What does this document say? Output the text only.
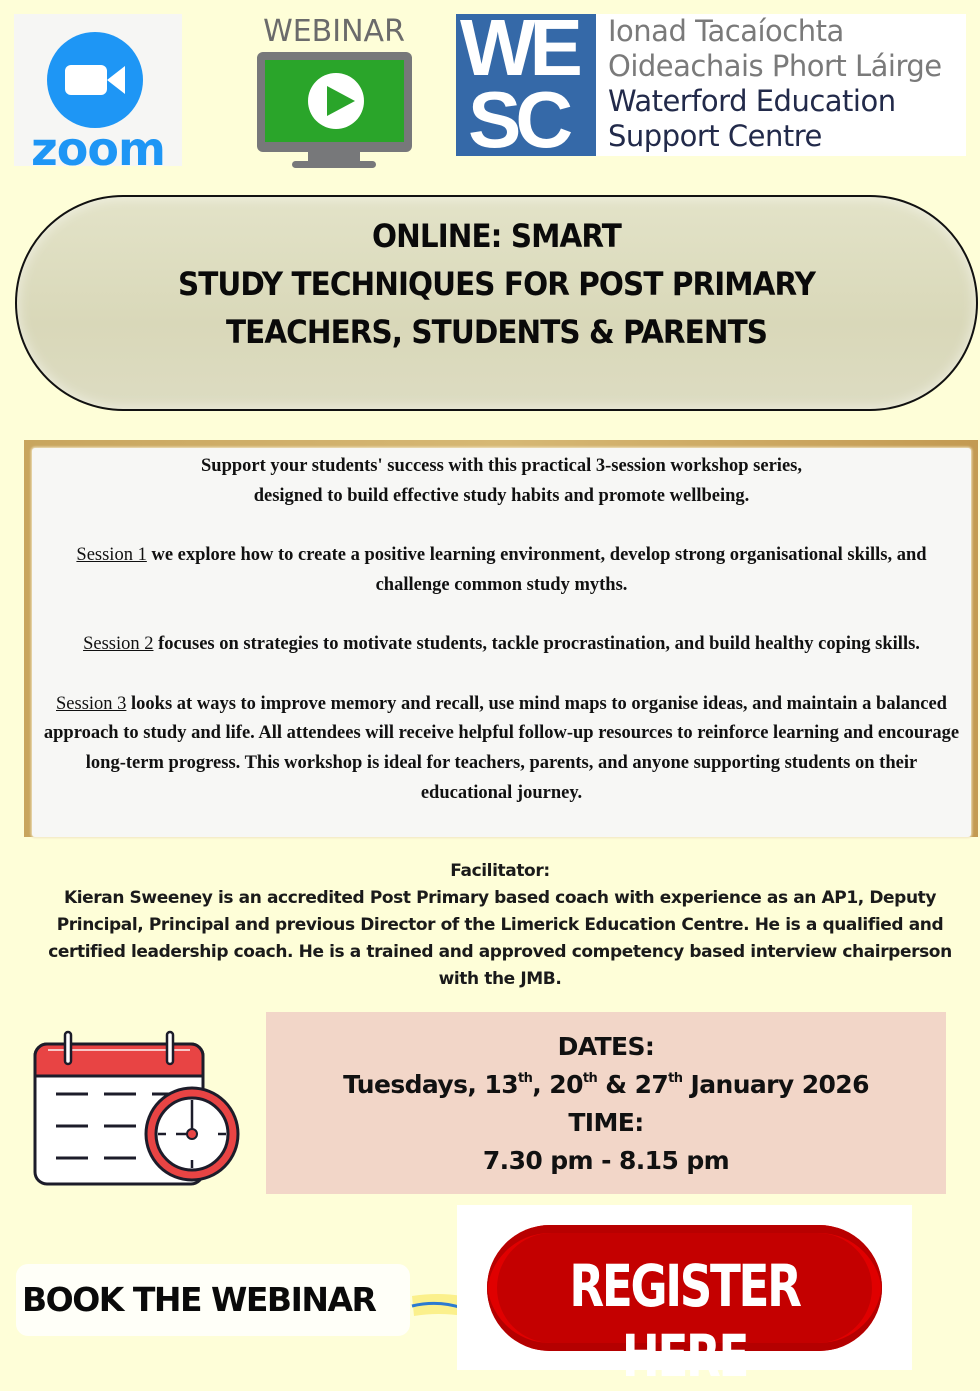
zoom
WEBINAR WE
SC
Ionad Tacaíochta
Oideachais Phort Láirge
Waterford Education
Support Centre
ONLINE: SMART
STUDY TECHNIQUES FOR POST PRIMARY
TEACHERS, STUDENTS & PARENTS

Support your students' success with this practical 3-session workshop series,

designed to build effective study habits and promote wellbeing.

Session 1 we explore how to create a positive learning environment, develop strong organisational skills, and challenge common study myths.

Session 2 focuses on strategies to motivate students, tackle procrastination, and build healthy coping skills.

Session 3 looks at ways to improve memory and recall, use mind maps to organise ideas, and maintain a balanced approach to study and life. All attendees will receive helpful follow-up resources to reinforce learning and encourage long-term progress. This workshop is ideal for teachers, parents, and anyone supporting students on their educational journey.

Facilitator:
Kieran Sweeney is an accredited Post Primary based coach with experience as an AP1, Deputy Principal, Principal and previous Director of the Limerick Education Centre. He is a qualified and certified leadership coach. He is a trained and approved competency based interview chairperson with the JMB.
DATES:
Tuesdays, 13th, 20th & 27th January 2026
TIME:
7.30 pm - 8.15 pm
BOOK THE WEBINAR	REGISTER HERE
